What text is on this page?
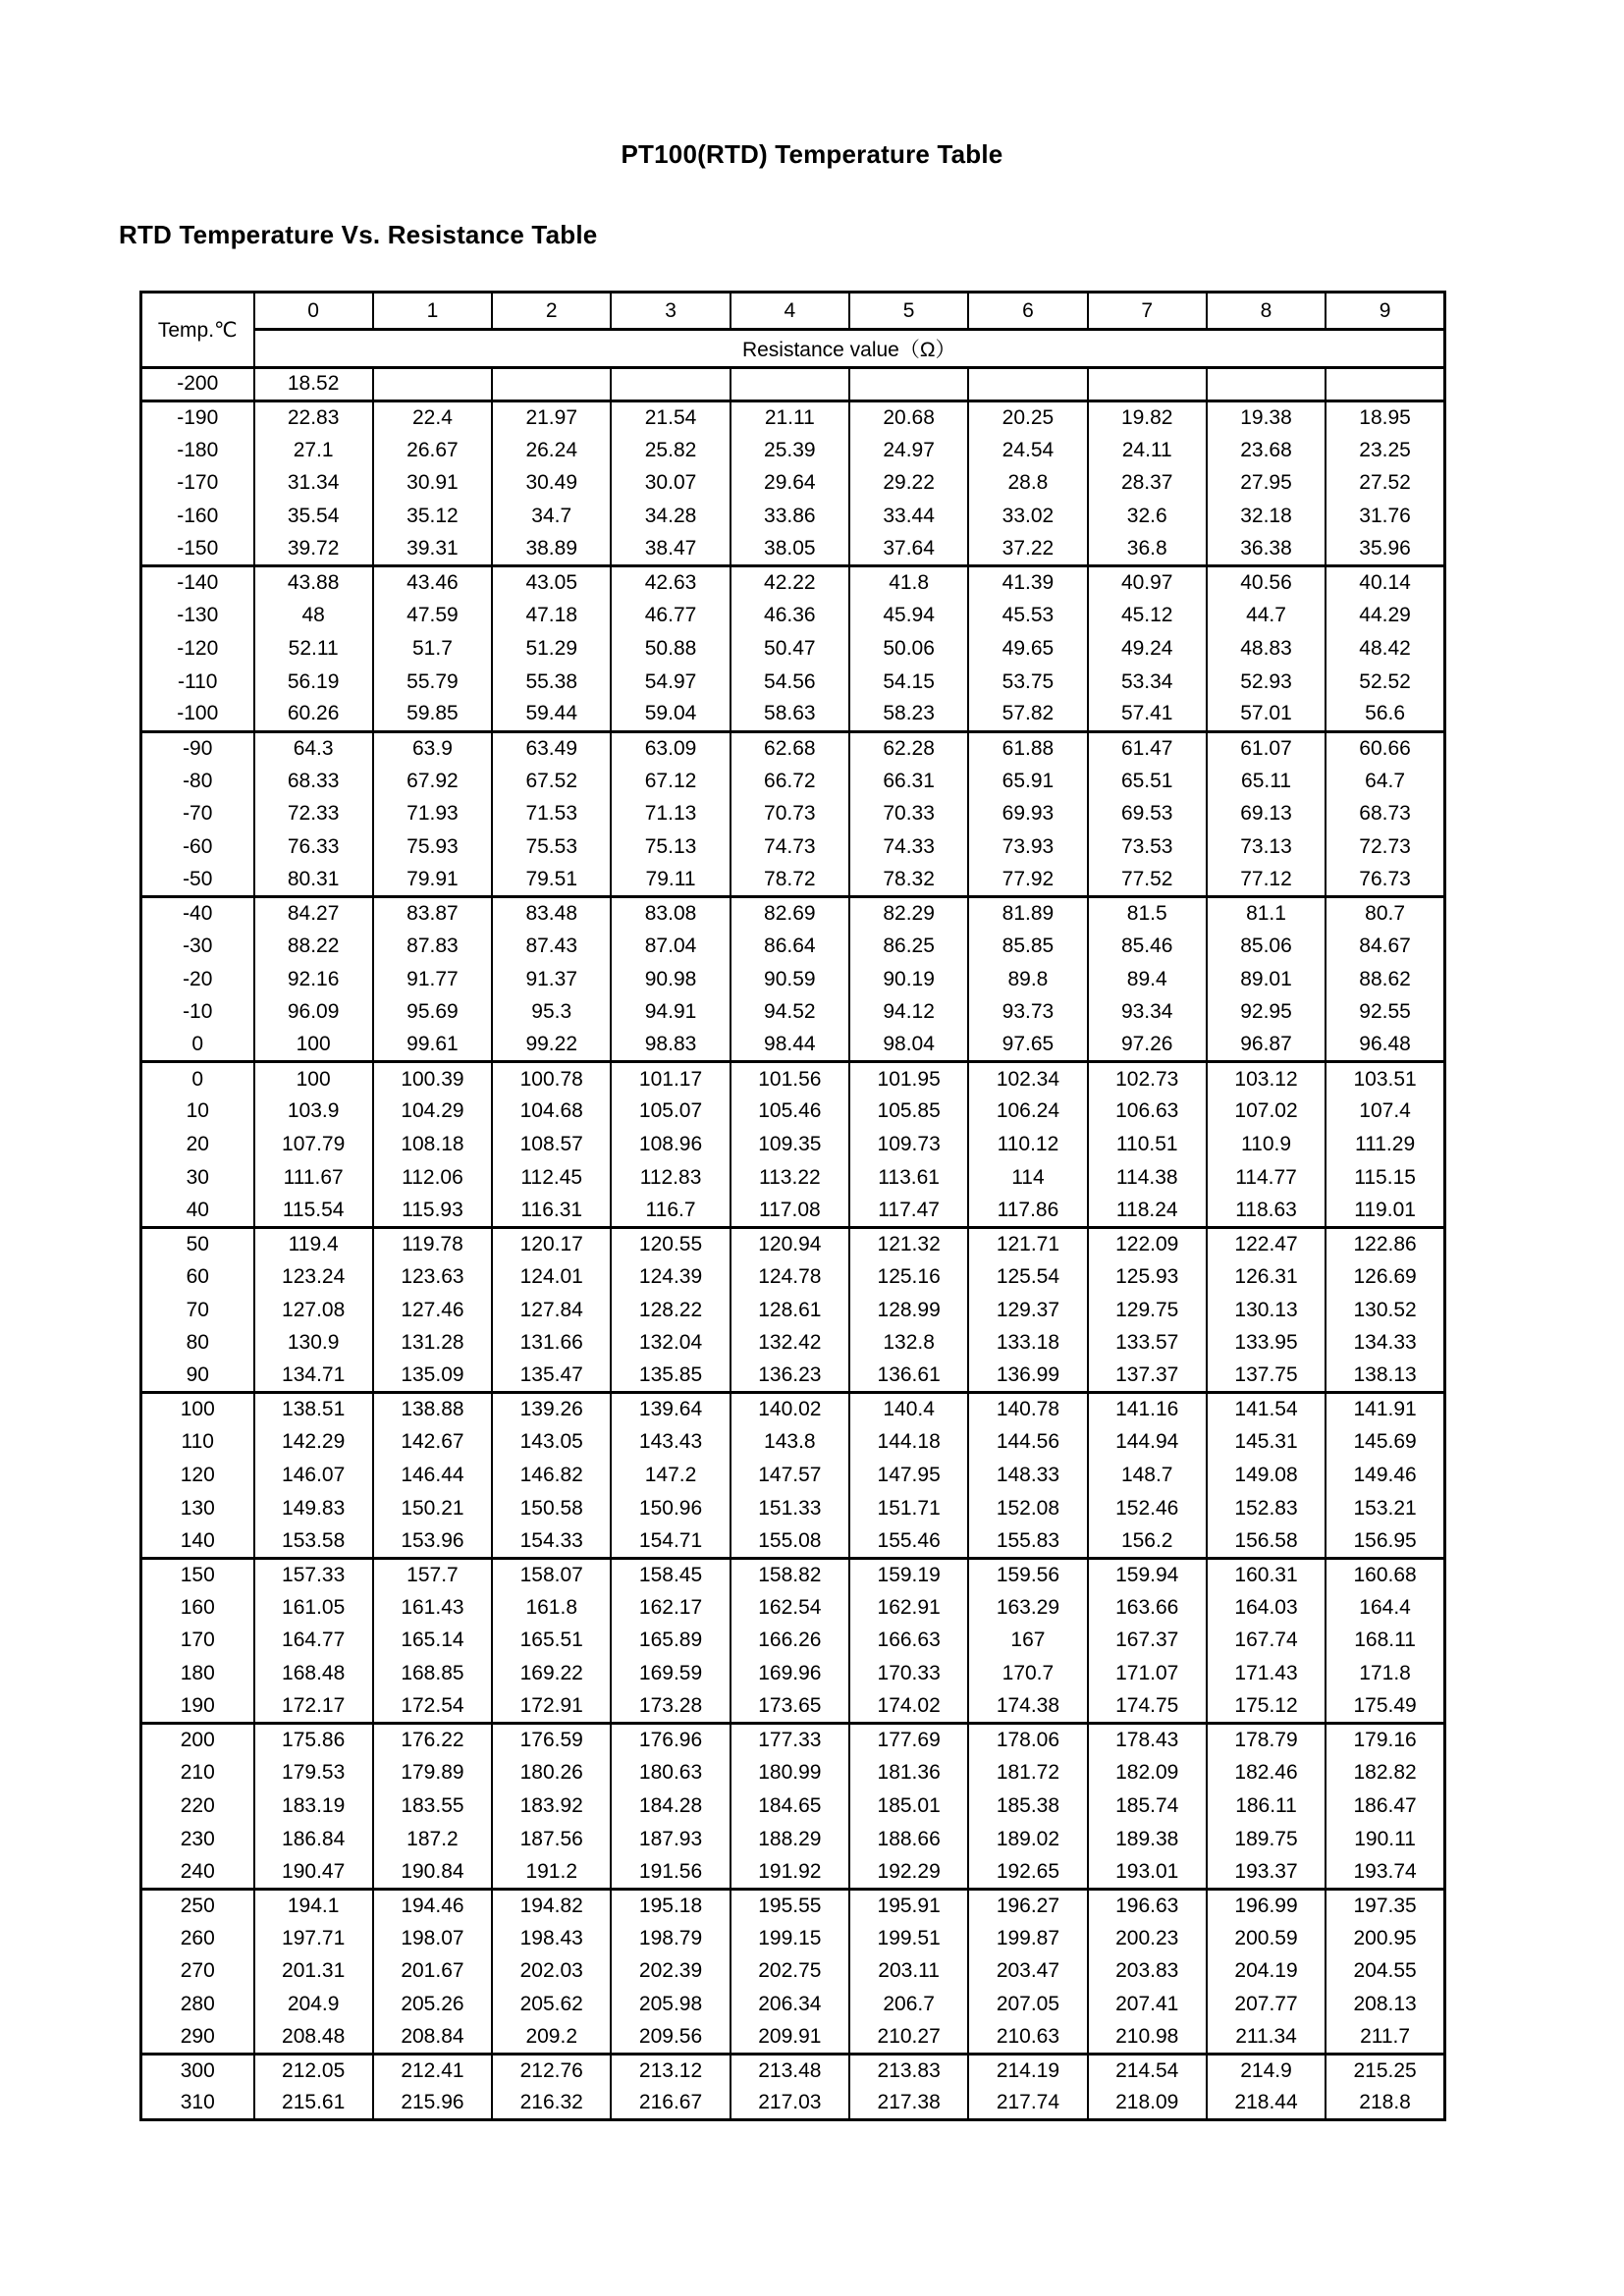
PT100(RTD) Temperature Table
RTD Temperature Vs. Resistance Table
Temp.℃	0	1	2	3	4	5	6	7	8	9
	Resistance value（Ω）									
-200	18.52									
-190	22.83	22.4	21.97	21.54	21.11	20.68	20.25	19.82	19.38	18.95
-180	27.1	26.67	26.24	25.82	25.39	24.97	24.54	24.11	23.68	23.25
-170	31.34	30.91	30.49	30.07	29.64	29.22	28.8	28.37	27.95	27.52
-160	35.54	35.12	34.7	34.28	33.86	33.44	33.02	32.6	32.18	31.76
-150	39.72	39.31	38.89	38.47	38.05	37.64	37.22	36.8	36.38	35.96
-140	43.88	43.46	43.05	42.63	42.22	41.8	41.39	40.97	40.56	40.14
-130	48	47.59	47.18	46.77	46.36	45.94	45.53	45.12	44.7	44.29
-120	52.11	51.7	51.29	50.88	50.47	50.06	49.65	49.24	48.83	48.42
-110	56.19	55.79	55.38	54.97	54.56	54.15	53.75	53.34	52.93	52.52
-100	60.26	59.85	59.44	59.04	58.63	58.23	57.82	57.41	57.01	56.6
-90	64.3	63.9	63.49	63.09	62.68	62.28	61.88	61.47	61.07	60.66
-80	68.33	67.92	67.52	67.12	66.72	66.31	65.91	65.51	65.11	64.7
-70	72.33	71.93	71.53	71.13	70.73	70.33	69.93	69.53	69.13	68.73
-60	76.33	75.93	75.53	75.13	74.73	74.33	73.93	73.53	73.13	72.73
-50	80.31	79.91	79.51	79.11	78.72	78.32	77.92	77.52	77.12	76.73
-40	84.27	83.87	83.48	83.08	82.69	82.29	81.89	81.5	81.1	80.7
-30	88.22	87.83	87.43	87.04	86.64	86.25	85.85	85.46	85.06	84.67
-20	92.16	91.77	91.37	90.98	90.59	90.19	89.8	89.4	89.01	88.62
-10	96.09	95.69	95.3	94.91	94.52	94.12	93.73	93.34	92.95	92.55
0	100	99.61	99.22	98.83	98.44	98.04	97.65	97.26	96.87	96.48
0	100	100.39	100.78	101.17	101.56	101.95	102.34	102.73	103.12	103.51
10	103.9	104.29	104.68	105.07	105.46	105.85	106.24	106.63	107.02	107.4
20	107.79	108.18	108.57	108.96	109.35	109.73	110.12	110.51	110.9	111.29
30	111.67	112.06	112.45	112.83	113.22	113.61	114	114.38	114.77	115.15
40	115.54	115.93	116.31	116.7	117.08	117.47	117.86	118.24	118.63	119.01
50	119.4	119.78	120.17	120.55	120.94	121.32	121.71	122.09	122.47	122.86
60	123.24	123.63	124.01	124.39	124.78	125.16	125.54	125.93	126.31	126.69
70	127.08	127.46	127.84	128.22	128.61	128.99	129.37	129.75	130.13	130.52
80	130.9	131.28	131.66	132.04	132.42	132.8	133.18	133.57	133.95	134.33
90	134.71	135.09	135.47	135.85	136.23	136.61	136.99	137.37	137.75	138.13
100	138.51	138.88	139.26	139.64	140.02	140.4	140.78	141.16	141.54	141.91
110	142.29	142.67	143.05	143.43	143.8	144.18	144.56	144.94	145.31	145.69
120	146.07	146.44	146.82	147.2	147.57	147.95	148.33	148.7	149.08	149.46
130	149.83	150.21	150.58	150.96	151.33	151.71	152.08	152.46	152.83	153.21
140	153.58	153.96	154.33	154.71	155.08	155.46	155.83	156.2	156.58	156.95
150	157.33	157.7	158.07	158.45	158.82	159.19	159.56	159.94	160.31	160.68
160	161.05	161.43	161.8	162.17	162.54	162.91	163.29	163.66	164.03	164.4
170	164.77	165.14	165.51	165.89	166.26	166.63	167	167.37	167.74	168.11
180	168.48	168.85	169.22	169.59	169.96	170.33	170.7	171.07	171.43	171.8
190	172.17	172.54	172.91	173.28	173.65	174.02	174.38	174.75	175.12	175.49
200	175.86	176.22	176.59	176.96	177.33	177.69	178.06	178.43	178.79	179.16
210	179.53	179.89	180.26	180.63	180.99	181.36	181.72	182.09	182.46	182.82
220	183.19	183.55	183.92	184.28	184.65	185.01	185.38	185.74	186.11	186.47
230	186.84	187.2	187.56	187.93	188.29	188.66	189.02	189.38	189.75	190.11
240	190.47	190.84	191.2	191.56	191.92	192.29	192.65	193.01	193.37	193.74
250	194.1	194.46	194.82	195.18	195.55	195.91	196.27	196.63	196.99	197.35
260	197.71	198.07	198.43	198.79	199.15	199.51	199.87	200.23	200.59	200.95
270	201.31	201.67	202.03	202.39	202.75	203.11	203.47	203.83	204.19	204.55
280	204.9	205.26	205.62	205.98	206.34	206.7	207.05	207.41	207.77	208.13
290	208.48	208.84	209.2	209.56	209.91	210.27	210.63	210.98	211.34	211.7
300	212.05	212.41	212.76	213.12	213.48	213.83	214.19	214.54	214.9	215.25
310	215.61	215.96	216.32	216.67	217.03	217.38	217.74	218.09	218.44	218.8
